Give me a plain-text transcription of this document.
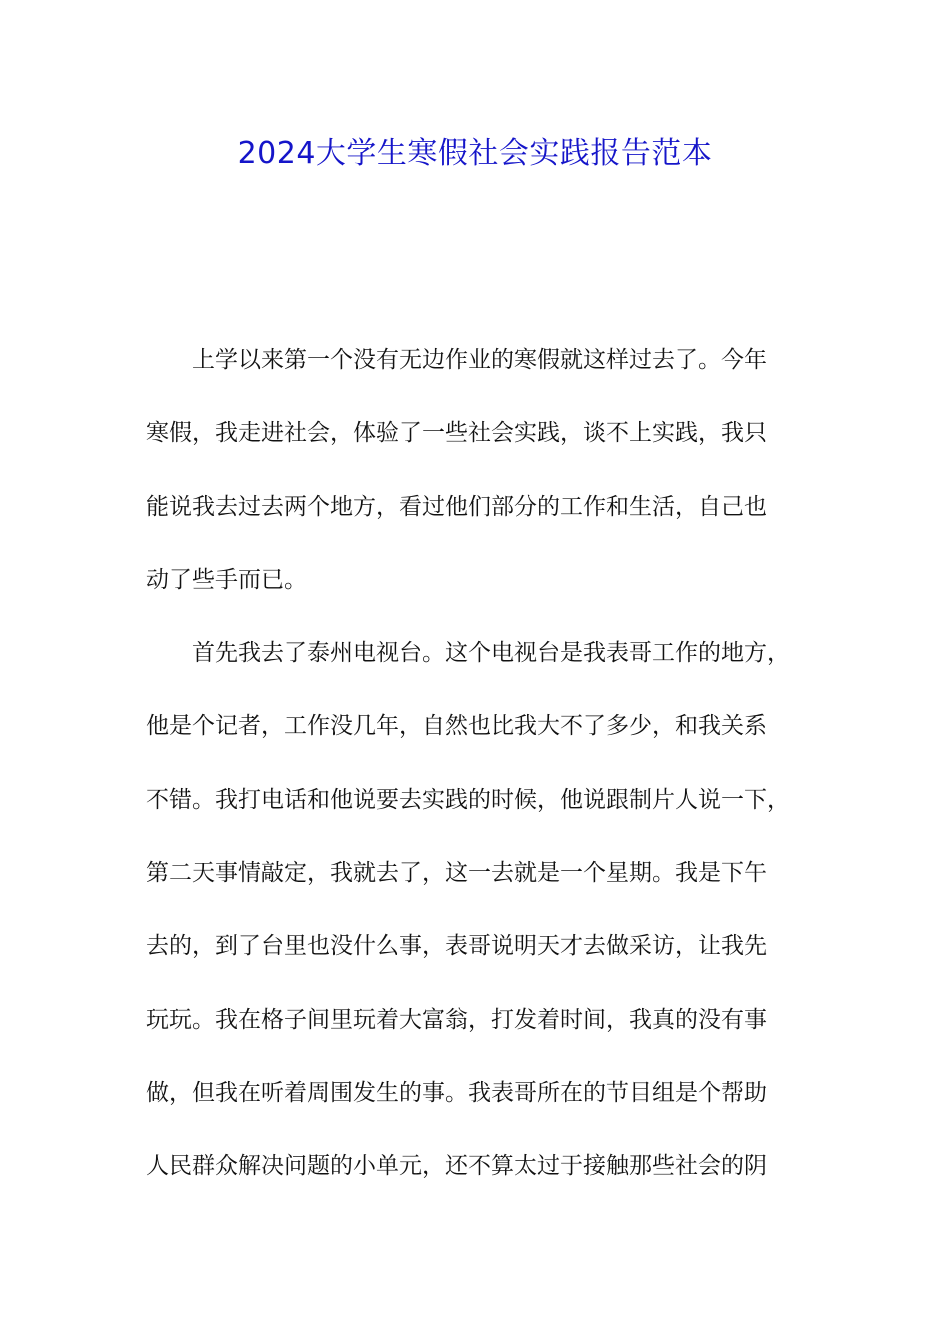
2024大学生寒假社会实践报告范本
上学以来第一个没有无边作业的寒假就这样过去了。今年
寒假，我走进社会，体验了一些社会实践，谈不上实践，我只
能说我去过去两个地方，看过他们部分的工作和生活，自己也
动了些手而已。
首先我去了泰州电视台。这个电视台是我表哥工作的地方，
他是个记者，工作没几年，自然也比我大不了多少，和我关系
不错。我打电话和他说要去实践的时候，他说跟制片人说一下，
第二天事情敲定，我就去了，这一去就是一个星期。我是下午
去的，到了台里也没什么事，表哥说明天才去做采访，让我先
玩玩。我在格子间里玩着大富翁，打发着时间，我真的没有事
做，但我在听着周围发生的事。我表哥所在的节目组是个帮助
人民群众解决问题的小单元，还不算太过于接触那些社会的阴
